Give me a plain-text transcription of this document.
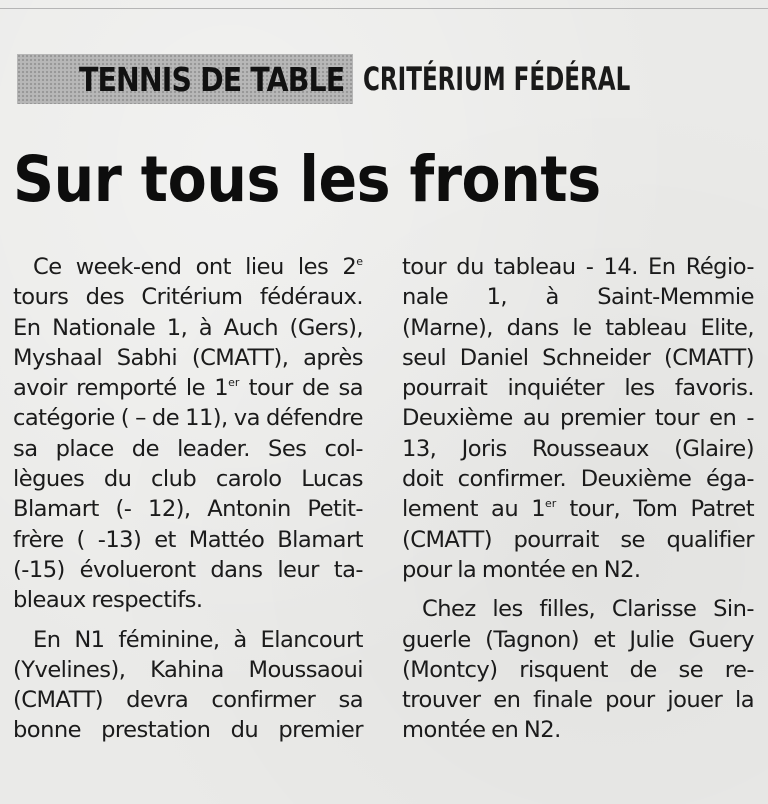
TENNIS DE TABLE CRITÉRIUM FÉDÉRAL
Sur tous les fronts

Ce week-end ont lieu les 2e
tours des Critérium fédéraux.
En Nationale 1, à Auch (Gers),
Myshaal Sabhi (CMATT), après
avoir remporté le 1er tour de sa
catégorie ( – de 11), va défendre
sa place de leader. Ses col-
lègues du club carolo Lucas
Blamart (- 12), Antonin Petit-
frère ( -13) et Mattéo Blamart
(-15) évolueront dans leur ta-
bleaux respectifs.

En N1 féminine, à Elancourt
(Yvelines), Kahina Moussaoui
(CMATT) devra confirmer sa
bonne prestation du premier

tour du tableau - 14. En Régio-
nale 1, à Saint-Memmie
(Marne), dans le tableau Elite,
seul Daniel Schneider (CMATT)
pourrait inquiéter les favoris.
Deuxième au premier tour en -
13, Joris Rousseaux (Glaire)
doit confirmer. Deuxième éga-
lement au 1er tour, Tom Patret
(CMATT) pourrait se qualifier
pour la montée en N2.

Chez les filles, Clarisse Sin-
guerle (Tagnon) et Julie Guery
(Montcy) risquent de se re-
trouver en finale pour jouer la
montée en N2.
